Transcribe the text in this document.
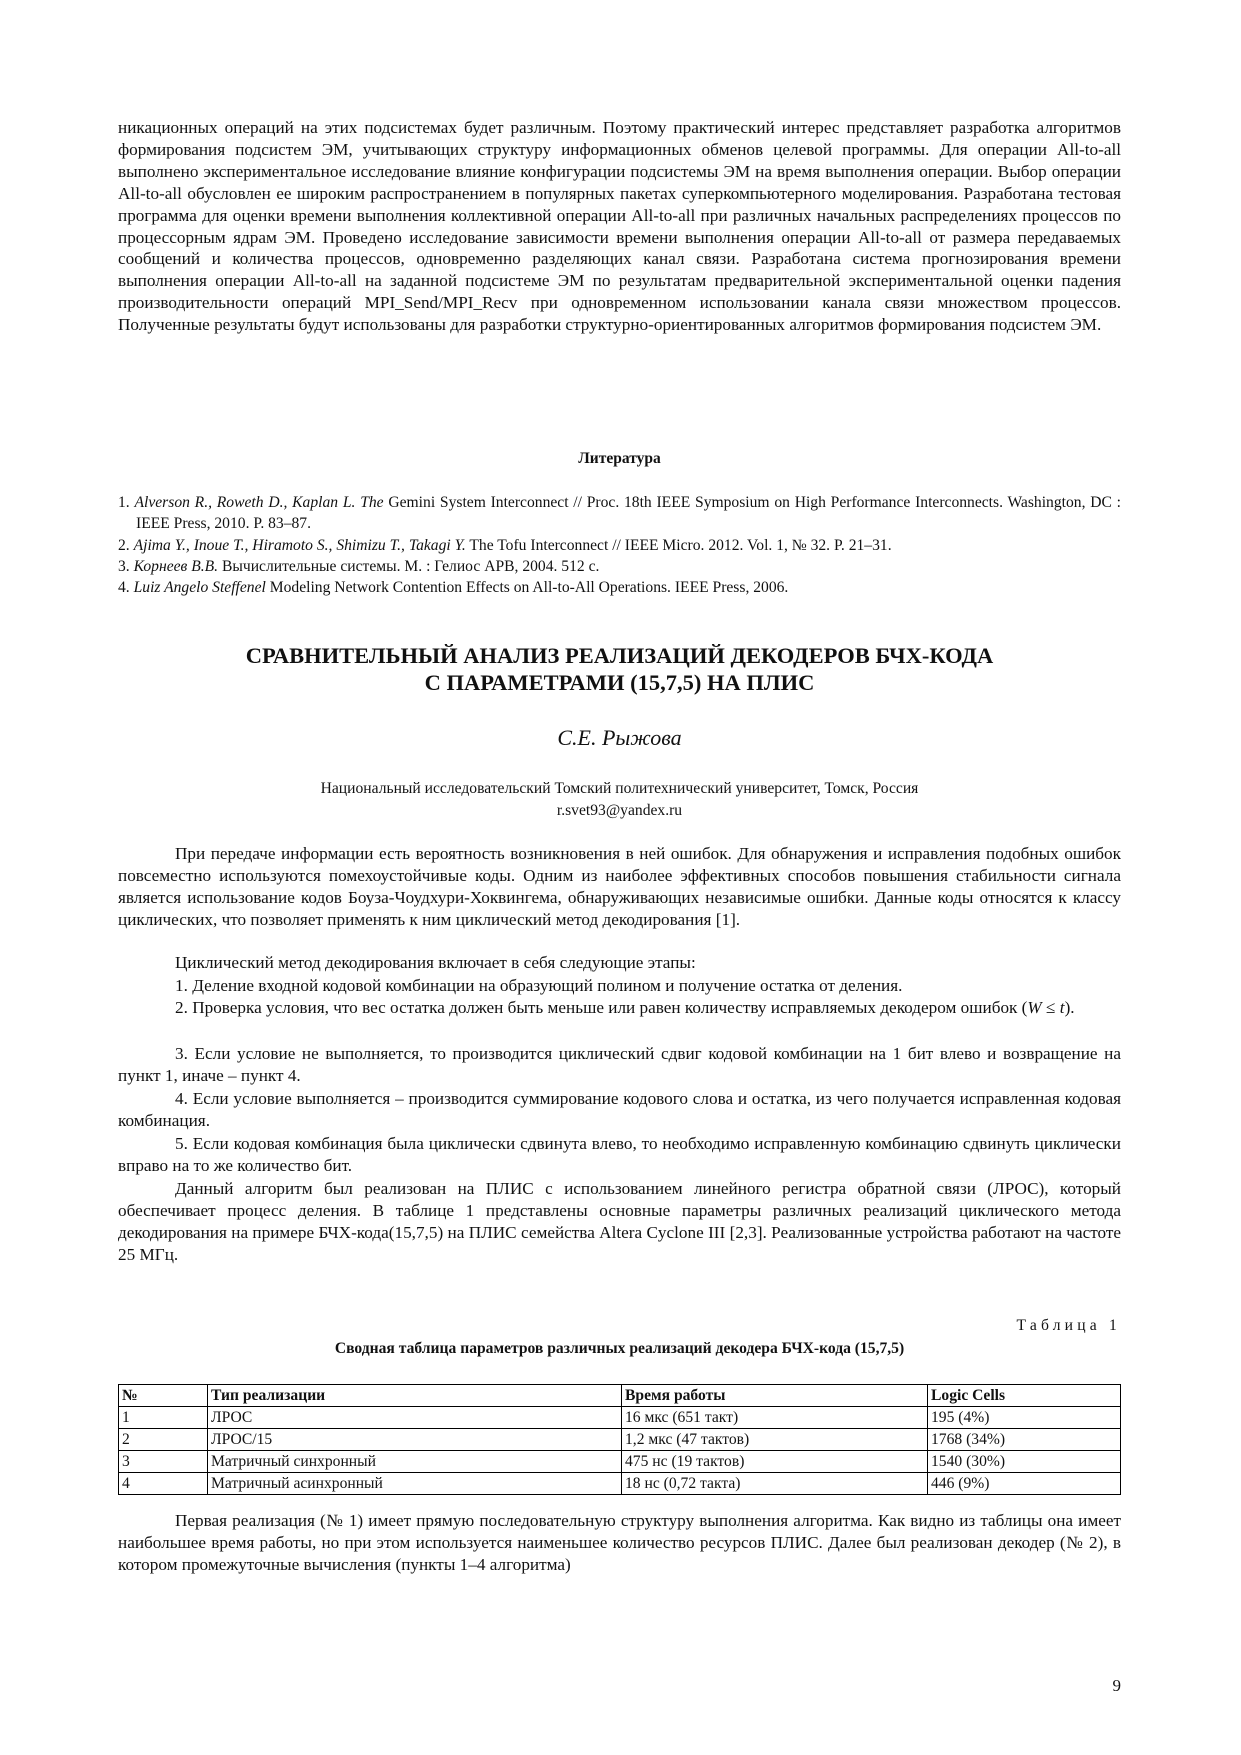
никационных операций на этих подсистемах будет различным. Поэтому практический интерес представляет разработка алгоритмов формирования подсистем ЭМ, учитывающих структуру информационных обменов целевой программы. Для операции All-to-all выполнено экспериментальное исследование влияние конфигурации подсистемы ЭМ на время выполнения операции. Выбор операции All-to-all обусловлен ее широким распространением в популярных пакетах суперкомпьютерного моделирования. Разработана тестовая программа для оценки времени выполнения коллективной операции All-to-all при различных начальных распределениях процессов по процессорным ядрам ЭМ. Проведено исследование зависимости времени выполнения операции All-to-all от размера передаваемых сообщений и количества процессов, одновременно разделяющих канал связи. Разработана система прогнозирования времени выполнения операции All-to-all на заданной подсистеме ЭМ по результатам предварительной экспериментальной оценки падения производительности операций MPI_Send/MPI_Recv при одновременном использовании канала связи множеством процессов. Полученные результаты будут использованы для разработки структурно-ориентированных алгоритмов формирования подсистем ЭМ.

Литература

1. Alverson R., Roweth D., Kaplan L. The Gemini System Interconnect // Proc. 18th IEEE Symposium on High Performance Interconnects. Washington, DC : IEEE Press, 2010. P. 83–87.

2. Ajima Y., Inoue T., Hiramoto S., Shimizu T., Takagi Y. The Tofu Interconnect // IEEE Micro. 2012. Vol. 1, № 32. P. 21–31.

3. Корнеев В.В. Вычислительные системы. М. : Гелиос АРВ, 2004. 512 с.

4. Luiz Angelo Steffenel Modeling Network Contention Effects on All-to-All Operations. IEEE Press, 2006.

СРАВНИТЕЛЬНЫЙ АНАЛИЗ РЕАЛИЗАЦИЙ ДЕКОДЕРОВ БЧХ-КОДА
С ПАРАМЕТРАМИ (15,7,5) НА ПЛИС
С.Е. Рыжова
Национальный исследовательский Томский политехнический университет, Томск, Россия
r.svet93@yandex.ru

При передаче информации есть вероятность возникновения в ней ошибок. Для обнаружения и исправления подобных ошибок повсеместно используются помехоустойчивые коды. Одним из наиболее эффективных способов повышения стабильности сигнала является использование кодов Боуза-Чоудхури-Хоквингема, обнаруживающих независимые ошибки. Данные коды относятся к классу циклических, что позволяет применять к ним циклический метод декодирования [1].

Циклический метод декодирования включает в себя следующие этапы:

1. Деление входной кодовой комбинации на образующий полином и получение остатка от деления.

2. Проверка условия, что вес остатка должен быть меньше или равен количеству исправляемых декодером ошибок (W ≤ t).

3. Если условие не выполняется, то производится циклический сдвиг кодовой комбинации на 1 бит влево и возвращение на пункт 1, иначе – пункт 4.

4. Если условие выполняется – производится суммирование кодового слова и остатка, из чего получается исправленная кодовая комбинация.

5. Если кодовая комбинация была циклически сдвинута влево, то необходимо исправленную комбинацию сдвинуть циклически вправо на то же количество бит.

Данный алгоритм был реализован на ПЛИС с использованием линейного регистра обратной связи (ЛРОС), который обеспечивает процесс деления. В таблице 1 представлены основные параметры различных реализаций циклического метода декодирования на примере БЧХ-кода(15,7,5) на ПЛИС семейства Altera Cyclone III [2,3]. Реализованные устройства работают на частоте 25 МГц.

Таблица 1
Сводная таблица параметров различных реализаций декодера БЧХ-кода (15,7,5)
№	Тип реализации	Время работы	Logic Cells
1	ЛРОС	16 мкс (651 такт)	195 (4%)
2	ЛРОС/15	1,2 мкс (47 тактов)	1768 (34%)
3	Матричный синхронный	475 нс (19 тактов)	1540 (30%)
4	Матричный асинхронный	18 нс (0,72 такта)	446 (9%)

Первая реализация (№ 1) имеет прямую последовательную структуру выполнения алгоритма. Как видно из таблицы она имеет наибольшее время работы, но при этом используется наименьшее количество ресурсов ПЛИС. Далее был реализован декодер (№ 2), в котором промежуточные вычисления (пункты 1–4 алгоритма)

9
